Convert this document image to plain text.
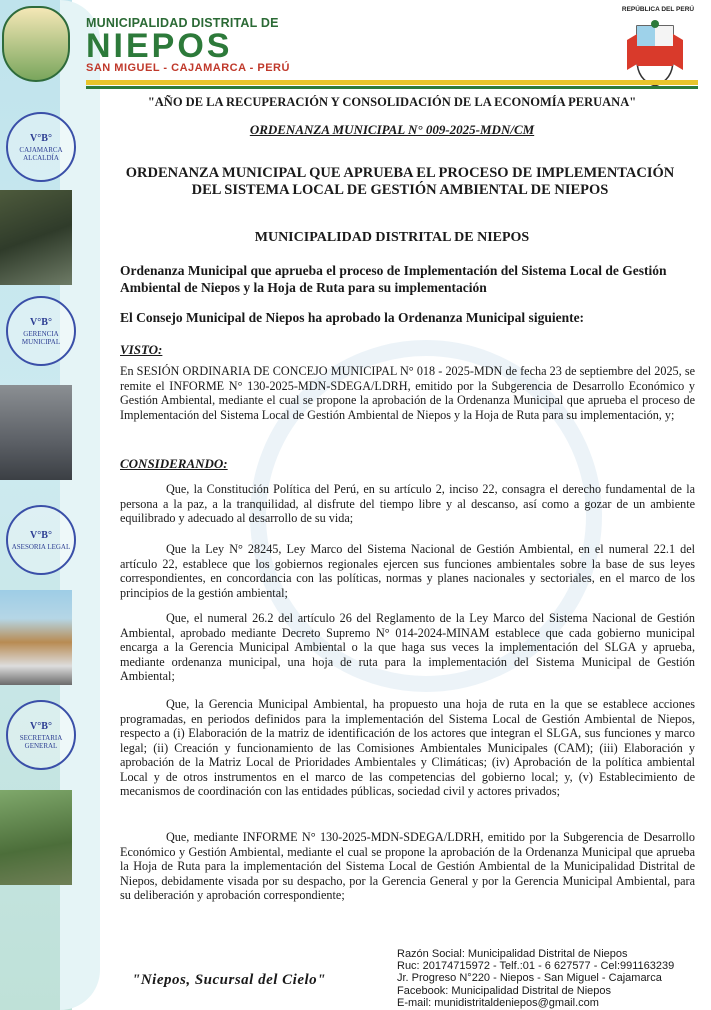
V°B°
CAJAMARCA ALCALDÍA
V°B°
GERENCIA MUNICIPAL
V°B°
ASESORIA LEGAL
V°B°
SECRETARIA GENERAL
MUNICIPALIDAD DISTRITAL DE
NIEPOS
SAN MIGUEL - CAJAMARCA - PERÚ
REPÚBLICA DEL PERÚ
"AÑO DE LA RECUPERACIÓN Y CONSOLIDACIÓN DE LA ECONOMÍA PERUANA"
ORDENANZA MUNICIPAL N° 009-2025-MDN/CM
ORDENANZA MUNICIPAL QUE APRUEBA EL PROCESO DE IMPLEMENTACIÓN DEL SISTEMA LOCAL DE GESTIÓN AMBIENTAL DE NIEPOS
MUNICIPALIDAD DISTRITAL DE NIEPOS
Ordenanza Municipal que aprueba el proceso de Implementación del Sistema Local de Gestión Ambiental de Niepos y la Hoja de Ruta para su implementación
El Consejo Municipal de Niepos ha aprobado la Ordenanza Municipal siguiente:
VISTO:
En SESIÓN ORDINARIA DE CONCEJO MUNICIPAL N° 018 - 2025-MDN de fecha 23 de septiembre del 2025, se remite el INFORME N° 130-2025-MDN-SDEGA/LDRH, emitido por la Subgerencia de Desarrollo Económico y Gestión Ambiental, mediante el cual se propone la aprobación de la Ordenanza Municipal que aprueba el proceso de Implementación del Sistema Local de Gestión Ambiental de Niepos y la Hoja de Ruta para su implementación, y;
CONSIDERANDO:
Que, la Constitución Política del Perú, en su artículo 2, inciso 22, consagra el derecho fundamental de la persona a la paz, a la tranquilidad, al disfrute del tiempo libre y al descanso, así como a gozar de un ambiente equilibrado y adecuado al desarrollo de su vida;
Que la Ley N° 28245, Ley Marco del Sistema Nacional de Gestión Ambiental, en el numeral 22.1 del artículo 22, establece que los gobiernos regionales ejercen sus funciones ambientales sobre la base de sus leyes correspondientes, en concordancia con las políticas, normas y planes nacionales y sectoriales, en el marco de los principios de la gestión ambiental;
Que, el numeral 26.2 del artículo 26 del Reglamento de la Ley Marco del Sistema Nacional de Gestión Ambiental, aprobado mediante Decreto Supremo N° 014-2024-MINAM establece que cada gobierno municipal encarga a la Gerencia Municipal Ambiental o la que haga sus veces la implementación del SLGA y aprueba, mediante ordenanza municipal, una hoja de ruta para la implementación del Sistema Municipal de Gestión Ambiental;
Que, la Gerencia Municipal Ambiental, ha propuesto una hoja de ruta en la que se establece acciones programadas, en periodos definidos para la implementación del Sistema Local de Gestión Ambiental de Niepos, respecto a (i) Elaboración de la matriz de identificación de los actores que integran el SLGA, sus funciones y marco legal; (ii) Creación y funcionamiento de las Comisiones Ambientales Municipales (CAM); (iii) Elaboración y aprobación de la Matriz Local de Prioridades Ambientales y Climáticas; (iv) Aprobación de la política ambiental Local y de otros instrumentos en el marco de las competencias del gobierno local; y, (v) Establecimiento de mecanismos de coordinación con las entidades públicas, sociedad civil y actores privados;
Que, mediante INFORME N° 130-2025-MDN-SDEGA/LDRH, emitido por la Subgerencia de Desarrollo Económico y Gestión Ambiental, mediante el cual se propone la aprobación de la Ordenanza Municipal que aprueba la Hoja de Ruta para la implementación del Sistema Local de Gestión Ambiental de la Municipalidad Distrital de Niepos, debidamente visada por su despacho, por la Gerencia General y por la Gerencia Municipal Ambiental, para su deliberación y aprobación correspondiente;
"Niepos, Sucursal del Cielo"
Razón Social: Municipalidad Distrital de Niepos
Ruc: 20174715972 - Telf.:01 - 6 627577 - Cel:991163239
Jr. Progreso N°220 - Niepos - San Miguel - Cajamarca
Facebook: Municipalidad Distrital de Niepos
E-mail: munidistritaldeniepos@gmail.com
